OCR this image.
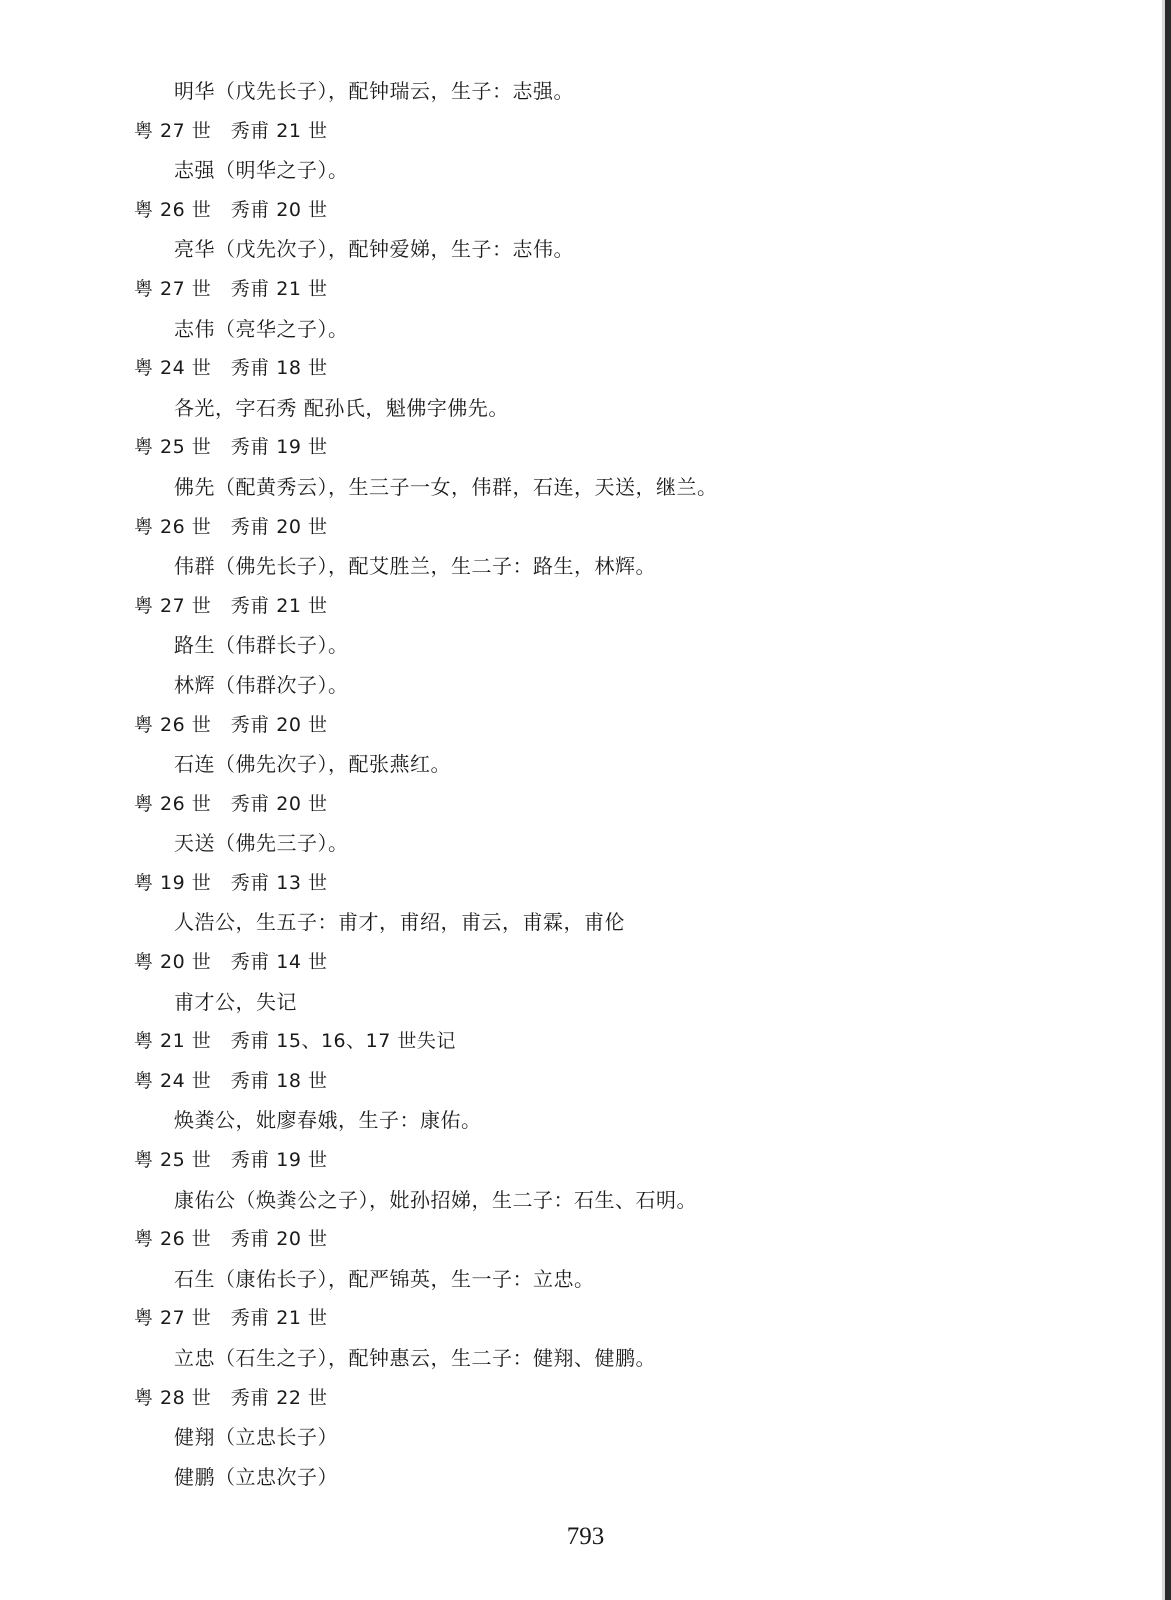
明华（戊先长子），配钟瑞云，生子：志强。
粤 27 世　秀甫 21 世
志强（明华之子）。
粤 26 世　秀甫 20 世
亮华（戊先次子），配钟爱娣，生子：志伟。
粤 27 世　秀甫 21 世
志伟（亮华之子）。
粤 24 世　秀甫 18 世
各光，字石秀 配孙氏，魁佛字佛先。
粤 25 世　秀甫 19 世
佛先（配黄秀云），生三子一女，伟群，石连，天送，继兰。
粤 26 世　秀甫 20 世
伟群（佛先长子），配艾胜兰，生二子：路生，林辉。
粤 27 世　秀甫 21 世
路生（伟群长子）。
林辉（伟群次子）。
粤 26 世　秀甫 20 世
石连（佛先次子），配张燕红。
粤 26 世　秀甫 20 世
天送（佛先三子）。
粤 19 世　秀甫 13 世
人浩公，生五子：甫才，甫绍，甫云，甫霖，甫伦
粤 20 世　秀甫 14 世
甫才公，失记
粤 21 世　秀甫 15、16、17 世失记
粤 24 世　秀甫 18 世
焕粪公，妣廖春娥，生子：康佑。
粤 25 世　秀甫 19 世
康佑公（焕粪公之子），妣孙招娣，生二子：石生、石明。
粤 26 世　秀甫 20 世
石生（康佑长子），配严锦英，生一子：立忠。
粤 27 世　秀甫 21 世
立忠（石生之子），配钟惠云，生二子：健翔、健鹏。
粤 28 世　秀甫 22 世
健翔（立忠长子）
健鹏（立忠次子）
793
